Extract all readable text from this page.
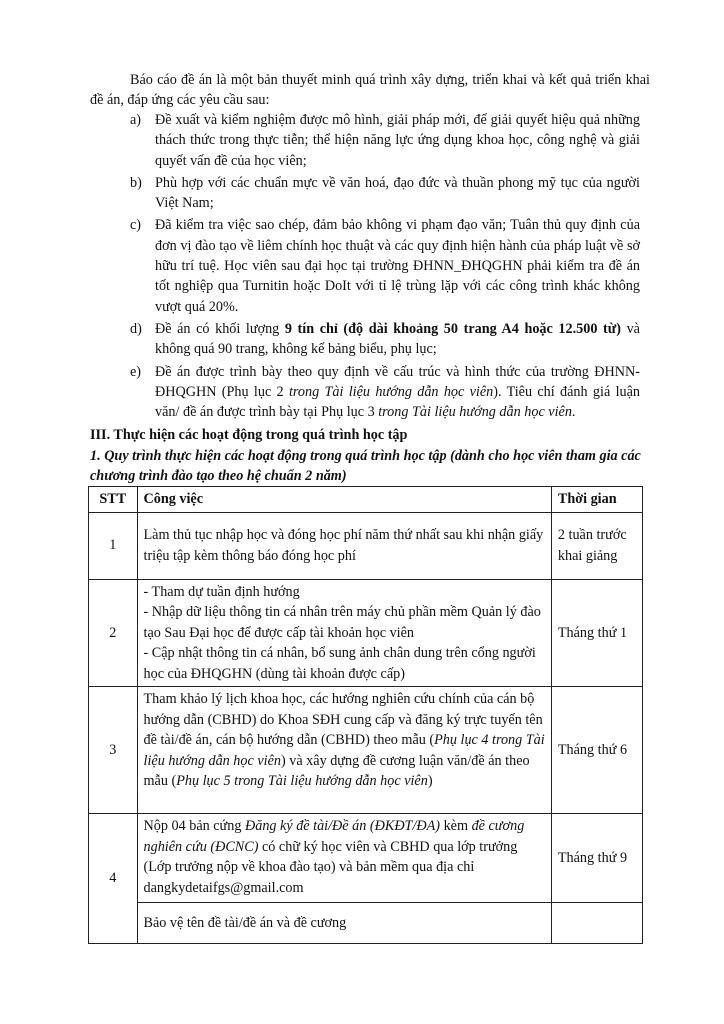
Báo cáo đề án là một bản thuyết minh quá trình xây dựng, triển khai và kết quả triển khai đề án, đáp ứng các yêu cầu sau:

a) Đề xuất và kiểm nghiệm được mô hình, giải pháp mới, để giải quyết hiệu quả những thách thức trong thực tiễn; thể hiện năng lực ứng dụng khoa học, công nghệ và giải quyết vấn đề của học viên;
b) Phù hợp với các chuẩn mực về văn hoá, đạo đức và thuần phong mỹ tục của người Việt Nam;
c) Đã kiểm tra việc sao chép, đảm bảo không vi phạm đạo văn; Tuân thủ quy định của đơn vị đào tạo về liêm chính học thuật và các quy định hiện hành của pháp luật về sở hữu trí tuệ. Học viên sau đại học tại trường ĐHNN_ĐHQGHN phải kiểm tra đề án tốt nghiệp qua Turnitin hoặc DoIt với tỉ lệ trùng lặp với các công trình khác không vượt quá 20%.
d) Đề án có khối lượng 9 tín chỉ (độ dài khoảng 50 trang A4 hoặc 12.500 từ) và không quá 90 trang, không kể bảng biểu, phụ lục;
e) Đề án được trình bày theo quy định về cấu trúc và hình thức của trường ĐHNN-ĐHQGHN (Phụ lục 2 trong Tài liệu hướng dẫn học viên). Tiêu chí đánh giá luận văn/ đề án được trình bày tại Phụ lục 3 trong Tài liệu hướng dẫn học viên.
III. Thực hiện các hoạt động trong quá trình học tập
1. Quy trình thực hiện các hoạt động trong quá trình học tập (dành cho học viên tham gia các chương trình đào tạo theo hệ chuẩn 2 năm)
STT	Công việc	Thời gian
1	Làm thủ tục nhập học và đóng học phí năm thứ nhất sau khi nhận giấy triệu tập kèm thông báo đóng học phí	2 tuần trước khai giảng
2	- Tham dự tuần định hướng
- Nhập dữ liệu thông tin cá nhân trên máy chủ phần mềm Quản lý đào tạo Sau Đại học để được cấp tài khoản học viên
- Cập nhật thông tin cá nhân, bổ sung ảnh chân dung trên cổng người học của ĐHQGHN (dùng tài khoản được cấp)	Tháng thứ 1
3	Tham khảo lý lịch khoa học, các hướng nghiên cứu chính của cán bộ hướng dẫn (CBHD) do Khoa SĐH cung cấp và đăng ký trực tuyến tên đề tài/đề án, cán bộ hướng dẫn (CBHD) theo mẫu (Phụ lục 4 trong Tài liệu hướng dẫn học viên) và xây dựng đề cương luận văn/đề án theo mẫu (Phụ lục 5 trong Tài liệu hướng dẫn học viên)	Tháng thứ 6
4	Nộp 04 bản cứng Đăng ký đề tài/Đề án (ĐKĐT/ĐA) kèm đề cương nghiên cứu (ĐCNC) có chữ ký học viên và CBHD qua lớp trưởng (Lớp trưởng nộp về khoa đào tạo) và bản mềm qua địa chỉ dangkydetaifgs@gmail.com	Tháng thứ 9
	Bảo vệ tên đề tài/đề án và đề cương	
